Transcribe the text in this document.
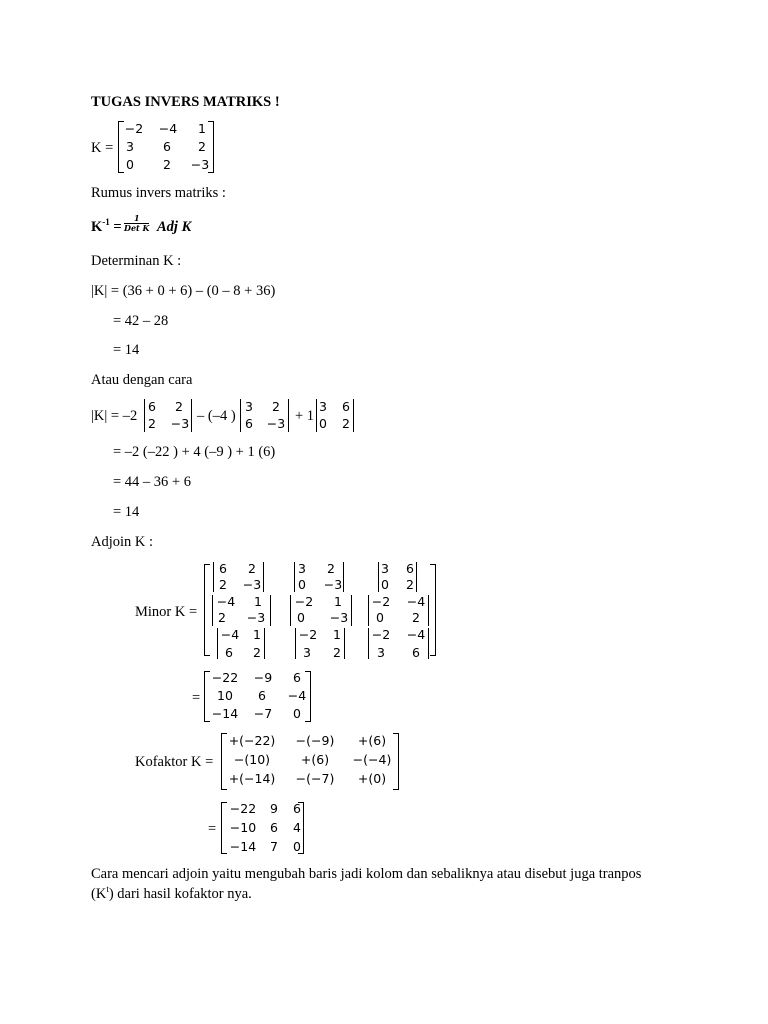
TUGAS INVERS MATRIKS !
K =
−2 −4 1
3 6 2
0 2 −3
Rumus invers matriks :
$K^{-1}$ =
1
Det K Adj K
Determinan K :
|K| = (36 + 0 + 6) – (0 – 8 + 36)
= 42 – 28
= 14
Atau dengan cara
|K| = –2
6 2
2 −3 – (–4 )
3 2
6 −3 + 1
3 6
0 2
= –2 (–22 ) + 4 (–9 ) + 1 (6)
= 44 – 36 + 6
= 14
Adjoin K :
Minor K =
6 2
2 −3
3 2
0 −3
3 6
0 2
−4 1
2 −3
−2 1
0 −3
−2 −4
0 2
−4 1
6 2
−2 1
3 2
−2 −4
3 6
=
−22 −9 6
10 6 −4
−14 −7 0
Kofaktor K =
+(−22) −(−9) +(6)
−(10) +(6) −(−4)
+(−14) −(−7) +(0)
=
−22 9 6
−10 6 4
−14 7 0
Cara mencari adjoin yaitu mengubah baris jadi kolom dan sebaliknya atau disebut juga tranpos
$(K^t)$ dari hasil kofaktor nya.
